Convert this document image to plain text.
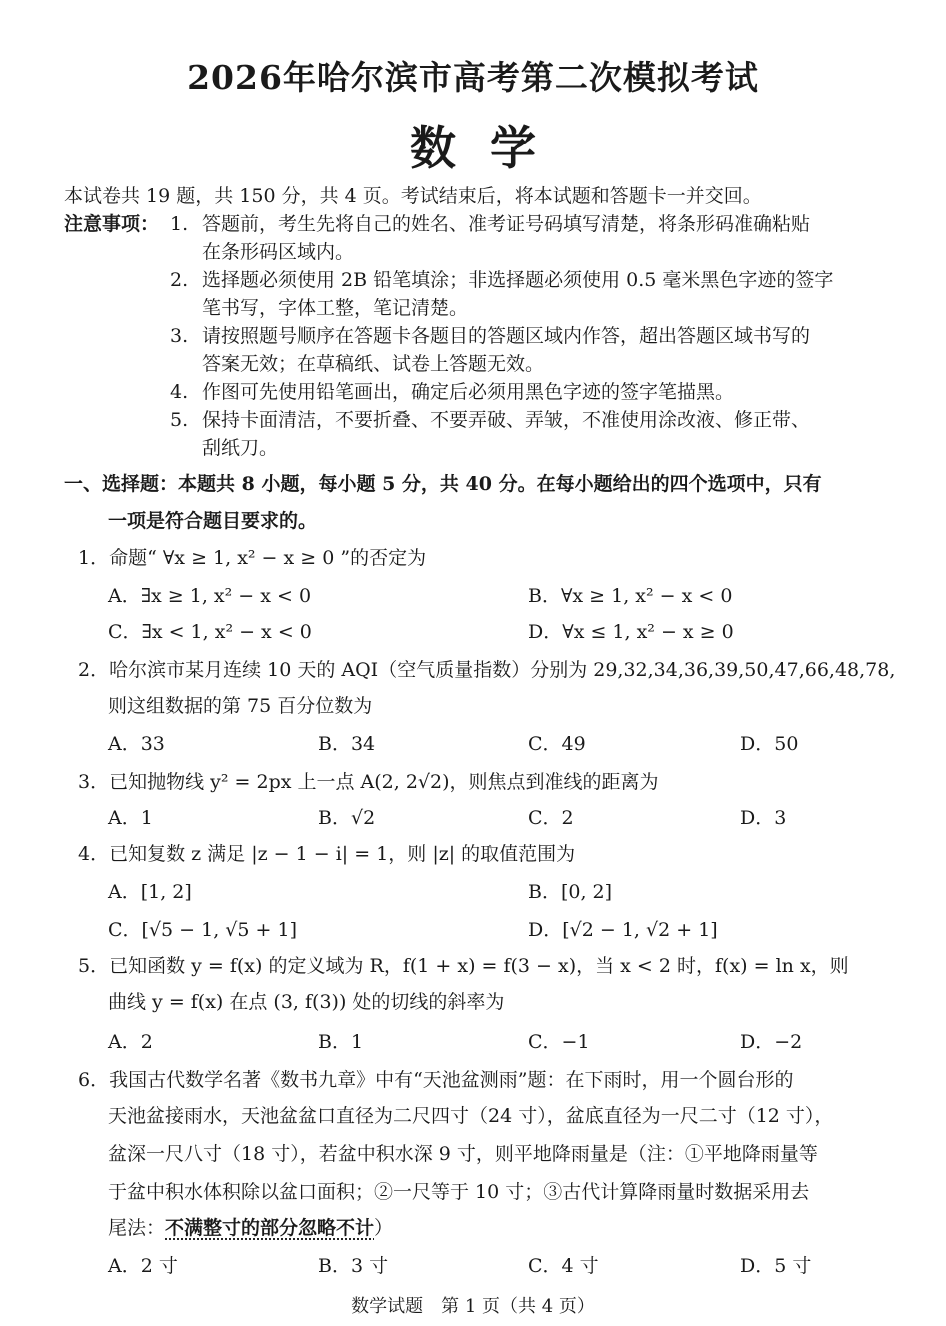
2026年哈尔滨市高考第二次模拟考试
数学
本试卷共 19 题，共 150 分，共 4 页。考试结束后，将本试题和答题卡一并交回。
注意事项： 1. 答题前，考生先将自己的姓名、准考证号码填写清楚，将条形码准确粘贴
在条形码区域内。
2. 选择题必须使用 2B 铅笔填涂；非选择题必须使用 0.5 毫米黑色字迹的签字
笔书写，字体工整，笔记清楚。
3. 请按照题号顺序在答题卡各题目的答题区域内作答，超出答题区域书写的
答案无效；在草稿纸、试卷上答题无效。
4. 作图可先使用铅笔画出，确定后必须用黑色字迹的签字笔描黑。
5. 保持卡面清洁，不要折叠、不要弄破、弄皱，不准使用涂改液、修正带、
刮纸刀。
一、选择题：本题共 8 小题，每小题 5 分，共 40 分。在每小题给出的四个选项中，只有
一项是符合题目要求的。
1．命题“ ∀x ≥ 1, x² − x ≥ 0 ”的否定为
A．∃x ≥ 1, x² − x < 0	B．∀x ≥ 1, x² − x < 0
C．∃x < 1, x² − x < 0	D．∀x ≤ 1, x² − x ≥ 0
2．哈尔滨市某月连续 10 天的 AQI（空气质量指数）分别为 29,32,34,36,39,50,47,66,48,78,
则这组数据的第 75 百分位数为
A．33	B．34	C．49	D．50
3．已知抛物线 y² = 2px 上一点 A(2, 2√2)，则焦点到准线的距离为
A．1	B．√2	C．2	D．3
4．已知复数 z 满足 |z − 1 − i| = 1，则 |z| 的取值范围为
A．[1, 2]	B．[0, 2]
C．[√5 − 1, √5 + 1]	D．[√2 − 1, √2 + 1]
5．已知函数 y = f(x) 的定义域为 R，f(1 + x) = f(3 − x)，当 x < 2 时，f(x) = ln x，则
曲线 y = f(x) 在点 (3, f(3)) 处的切线的斜率为
A．2	B．1	C．−1	D．−2
6．我国古代数学名著《数书九章》中有“天池盆测雨”题：在下雨时，用一个圆台形的
天池盆接雨水，天池盆盆口直径为二尺四寸（24 寸），盆底直径为一尺二寸（12 寸），
盆深一尺八寸（18 寸），若盆中积水深 9 寸，则平地降雨量是（注：①平地降雨量等
于盆中积水体积除以盆口面积；②一尺等于 10 寸；③古代计算降雨量时数据采用去
尾法：不满整寸的部分忽略不计）
A．2 寸	B．3 寸	C．4 寸	D．5 寸
数学试题　第 1 页（共 4 页）
